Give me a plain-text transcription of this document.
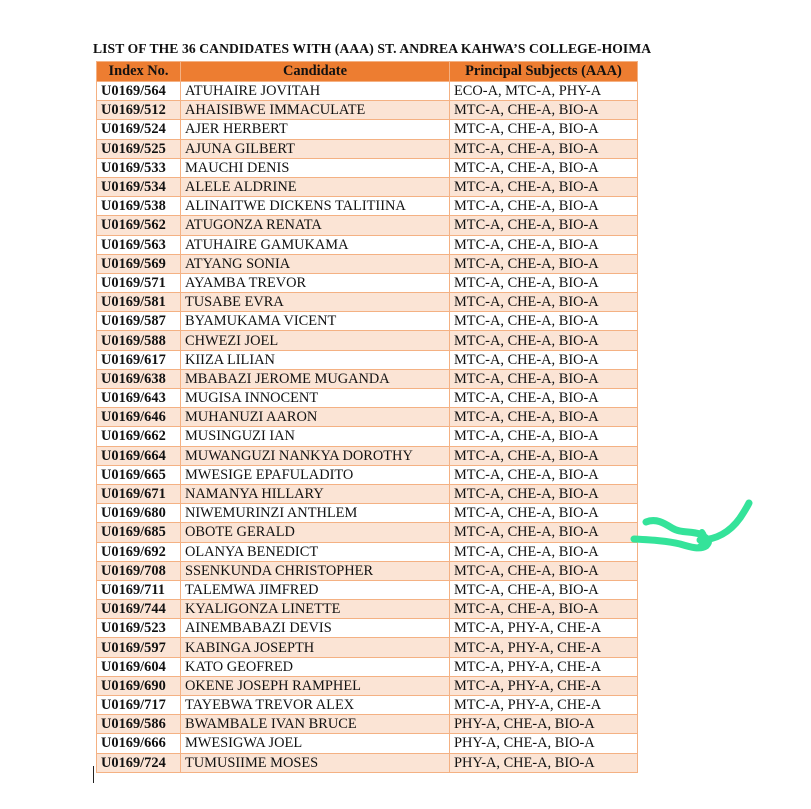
LIST OF THE 36 CANDIDATES WITH (AAA) ST. ANDREA KAHWA’S COLLEGE-HOIMA
Index No.	Candidate	Principal Subjects (AAA)
U0169/564	ATUHAIRE JOVITAH	ECO-A, MTC-A, PHY-A
U0169/512	AHAISIBWE IMMACULATE	MTC-A, CHE-A, BIO-A
U0169/524	AJER HERBERT	MTC-A, CHE-A, BIO-A
U0169/525	AJUNA GILBERT	MTC-A, CHE-A, BIO-A
U0169/533	MAUCHI DENIS	MTC-A, CHE-A, BIO-A
U0169/534	ALELE ALDRINE	MTC-A, CHE-A, BIO-A
U0169/538	ALINAITWE DICKENS TALITIINA	MTC-A, CHE-A, BIO-A
U0169/562	ATUGONZA RENATA	MTC-A, CHE-A, BIO-A
U0169/563	ATUHAIRE GAMUKAMA	MTC-A, CHE-A, BIO-A
U0169/569	ATYANG SONIA	MTC-A, CHE-A, BIO-A
U0169/571	AYAMBA TREVOR	MTC-A, CHE-A, BIO-A
U0169/581	TUSABE EVRA	MTC-A, CHE-A, BIO-A
U0169/587	BYAMUKAMA VICENT	MTC-A, CHE-A, BIO-A
U0169/588	CHWEZI JOEL	MTC-A, CHE-A, BIO-A
U0169/617	KIIZA LILIAN	MTC-A, CHE-A, BIO-A
U0169/638	MBABAZI JEROME MUGANDA	MTC-A, CHE-A, BIO-A
U0169/643	MUGISA INNOCENT	MTC-A, CHE-A, BIO-A
U0169/646	MUHANUZI AARON	MTC-A, CHE-A, BIO-A
U0169/662	MUSINGUZI IAN	MTC-A, CHE-A, BIO-A
U0169/664	MUWANGUZI NANKYA DOROTHY	MTC-A, CHE-A, BIO-A
U0169/665	MWESIGE EPAFULADITO	MTC-A, CHE-A, BIO-A
U0169/671	NAMANYA HILLARY	MTC-A, CHE-A, BIO-A
U0169/680	NIWEMURINZI ANTHLEM	MTC-A, CHE-A, BIO-A
U0169/685	OBOTE GERALD	MTC-A, CHE-A, BIO-A
U0169/692	OLANYA BENEDICT	MTC-A, CHE-A, BIO-A
U0169/708	SSENKUNDA CHRISTOPHER	MTC-A, CHE-A, BIO-A
U0169/711	TALEMWA JIMFRED	MTC-A, CHE-A, BIO-A
U0169/744	KYALIGONZA LINETTE	MTC-A, CHE-A, BIO-A
U0169/523	AINEMBABAZI DEVIS	MTC-A, PHY-A, CHE-A
U0169/597	KABINGA JOSEPTH	MTC-A, PHY-A, CHE-A
U0169/604	KATO GEOFRED	MTC-A, PHY-A, CHE-A
U0169/690	OKENE JOSEPH RAMPHEL	MTC-A, PHY-A, CHE-A
U0169/717	TAYEBWA TREVOR ALEX	MTC-A, PHY-A, CHE-A
U0169/586	BWAMBALE IVAN BRUCE	PHY-A, CHE-A, BIO-A
U0169/666	MWESIGWA JOEL	PHY-A, CHE-A, BIO-A
U0169/724	TUMUSIIME MOSES	PHY-A, CHE-A, BIO-A
